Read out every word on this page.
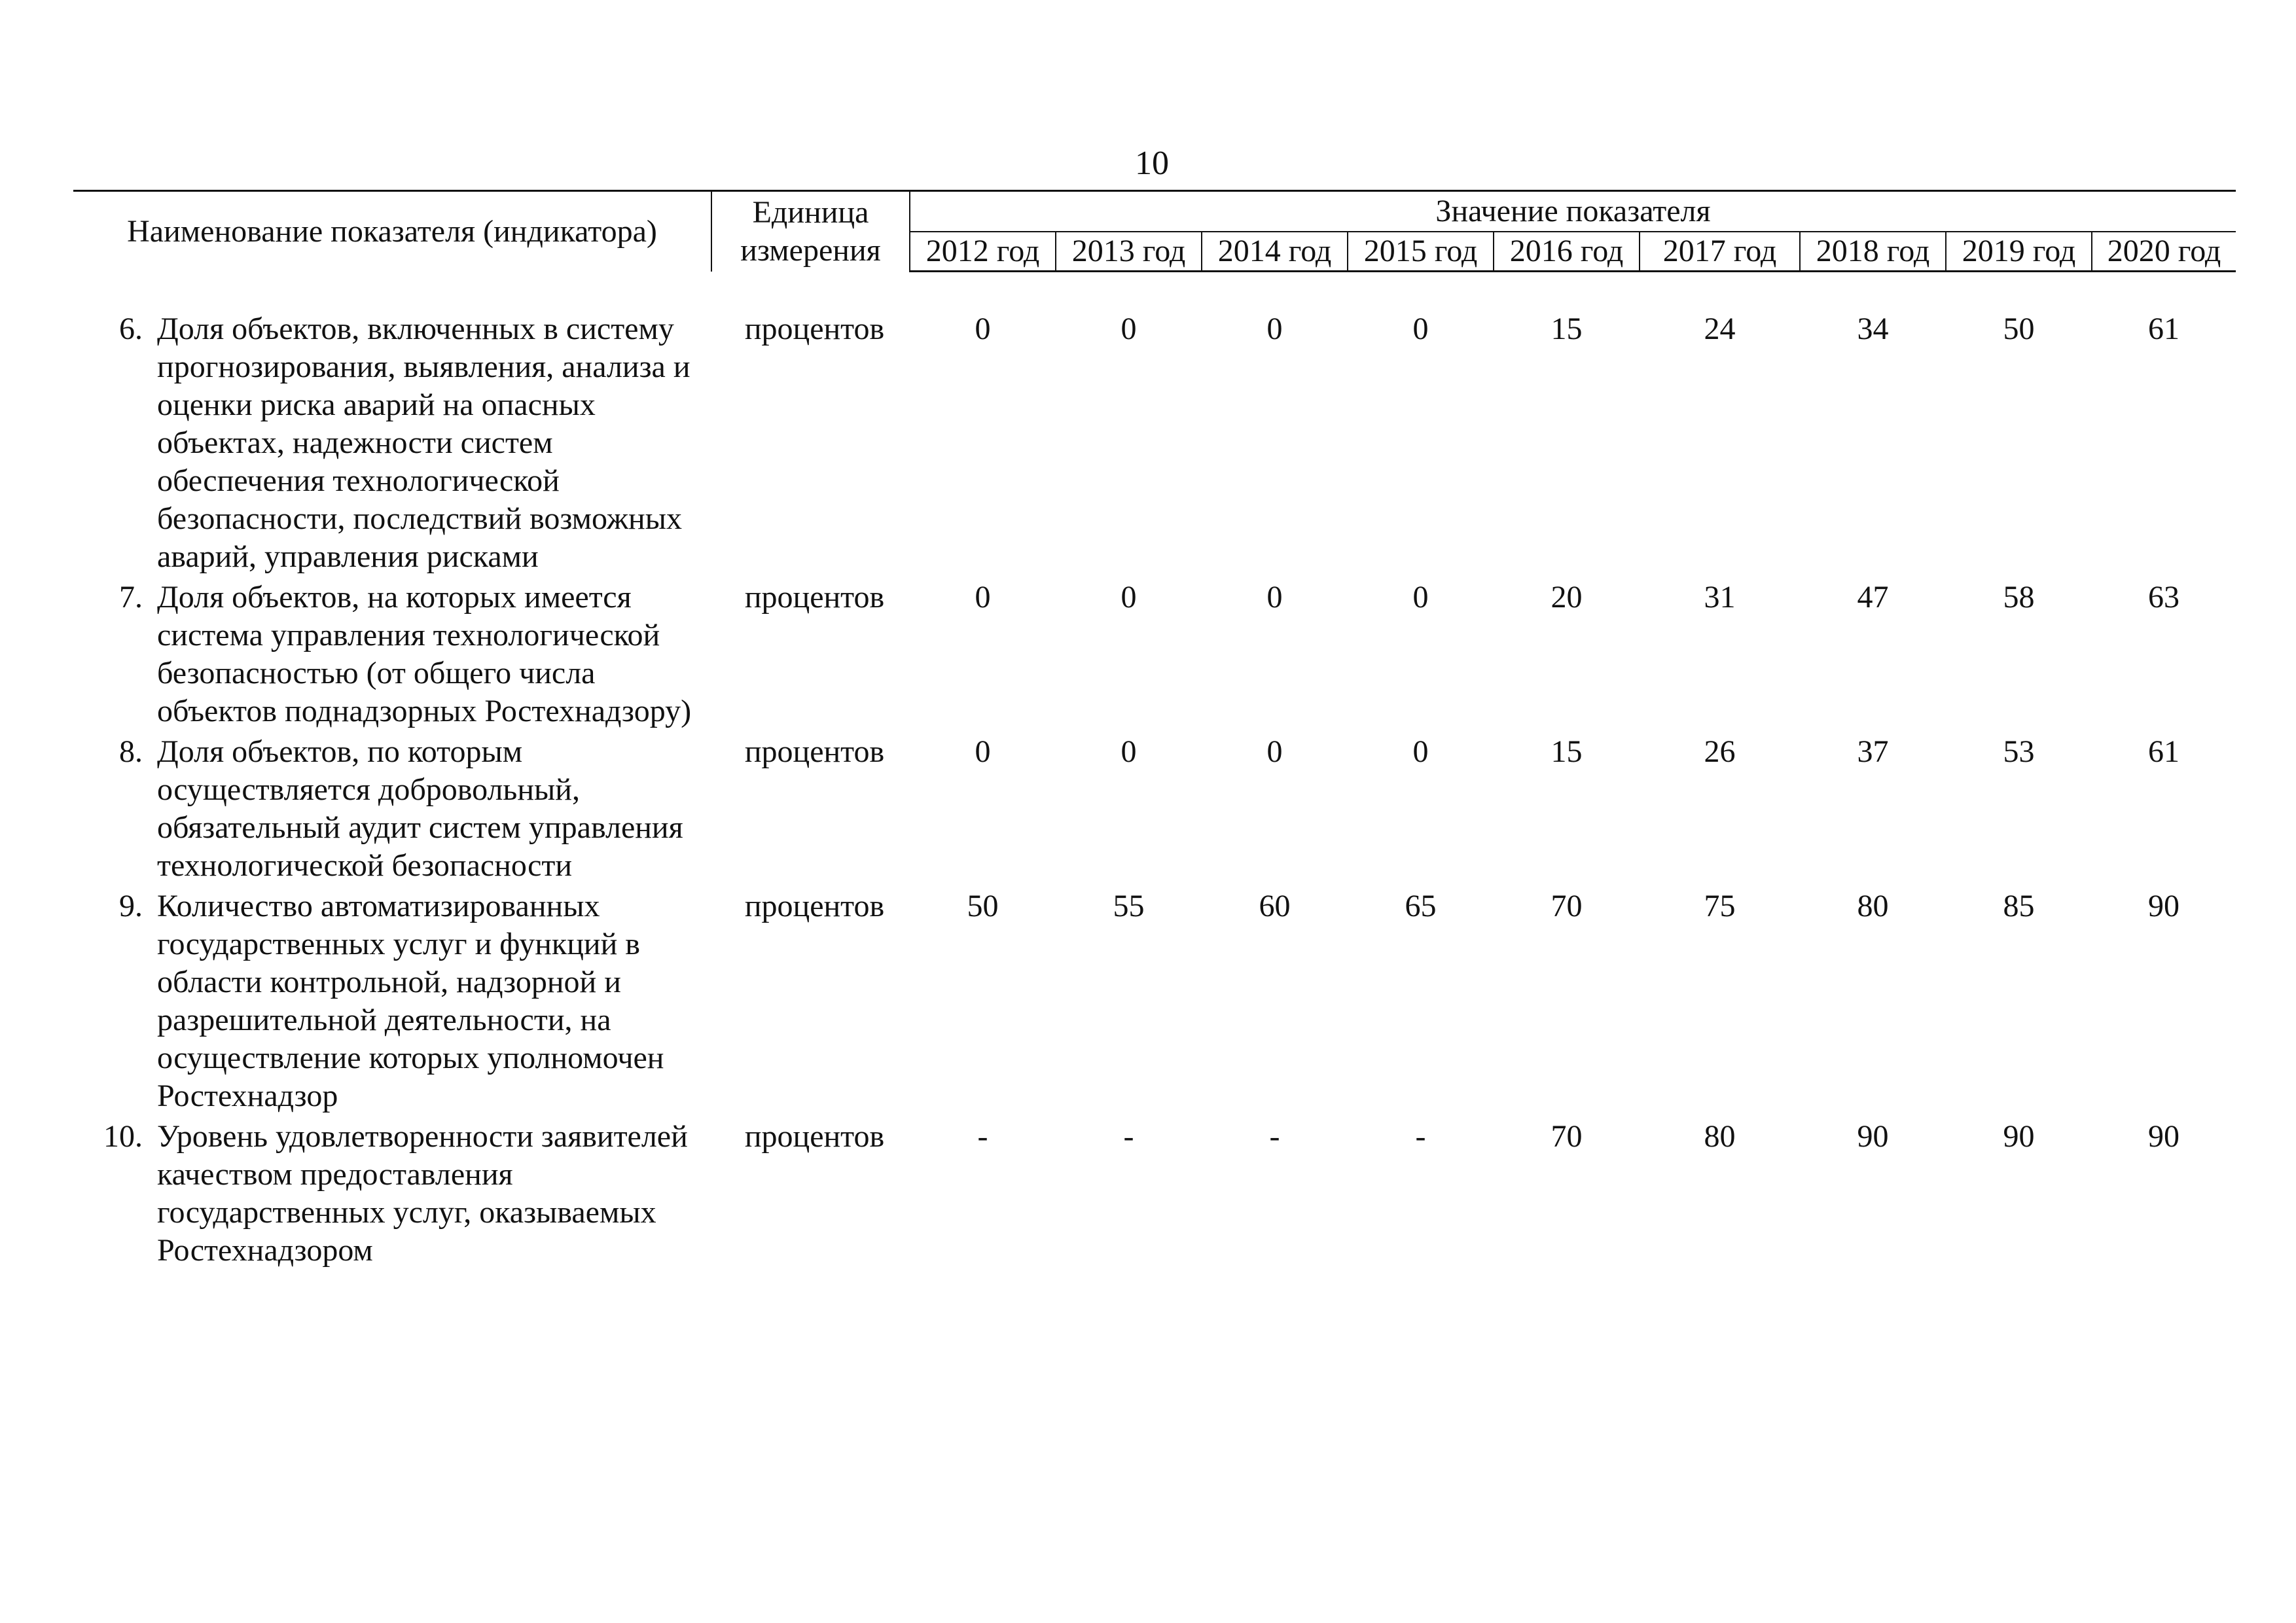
10
Наименование показателя (индикатора)	Единица измерения	Значение показателя								
		2012 год	2013 год	2014 год	2015 год	2016 год	2017 год	2018 год	2019 год	2020 год

6. Доля объектов, включенных в систему прогнозирования, выявления, анализа и оценки риска аварий на опасных объектах, надежности систем обеспечения технологической безопасности, последствий возможных аварий, управления рисками	процентов	0	0	0	0	15	24	34	50	61

7. Доля объектов, на которых имеется система управления технологической безопасностью (от общего числа объектов поднадзорных Ростехнадзору)	процентов	0	0	0	0	20	31	47	58	63

8. Доля объектов, по которым осуществляется добровольный, обязательный аудит систем управления технологической безопасности	процентов	0	0	0	0	15	26	37	53	61

9. Количество автоматизированных государственных услуг и функций в области контрольной, надзорной и разрешительной деятельности, на осуществление которых уполномочен Ростехнадзор	процентов	50	55	60	65	70	75	80	85	90

10. Уровень удовлетворенности заявителей качеством предоставления государственных услуг, оказываемых Ростехнадзором	процентов	-	-	-	-	70	80	90	90	90
